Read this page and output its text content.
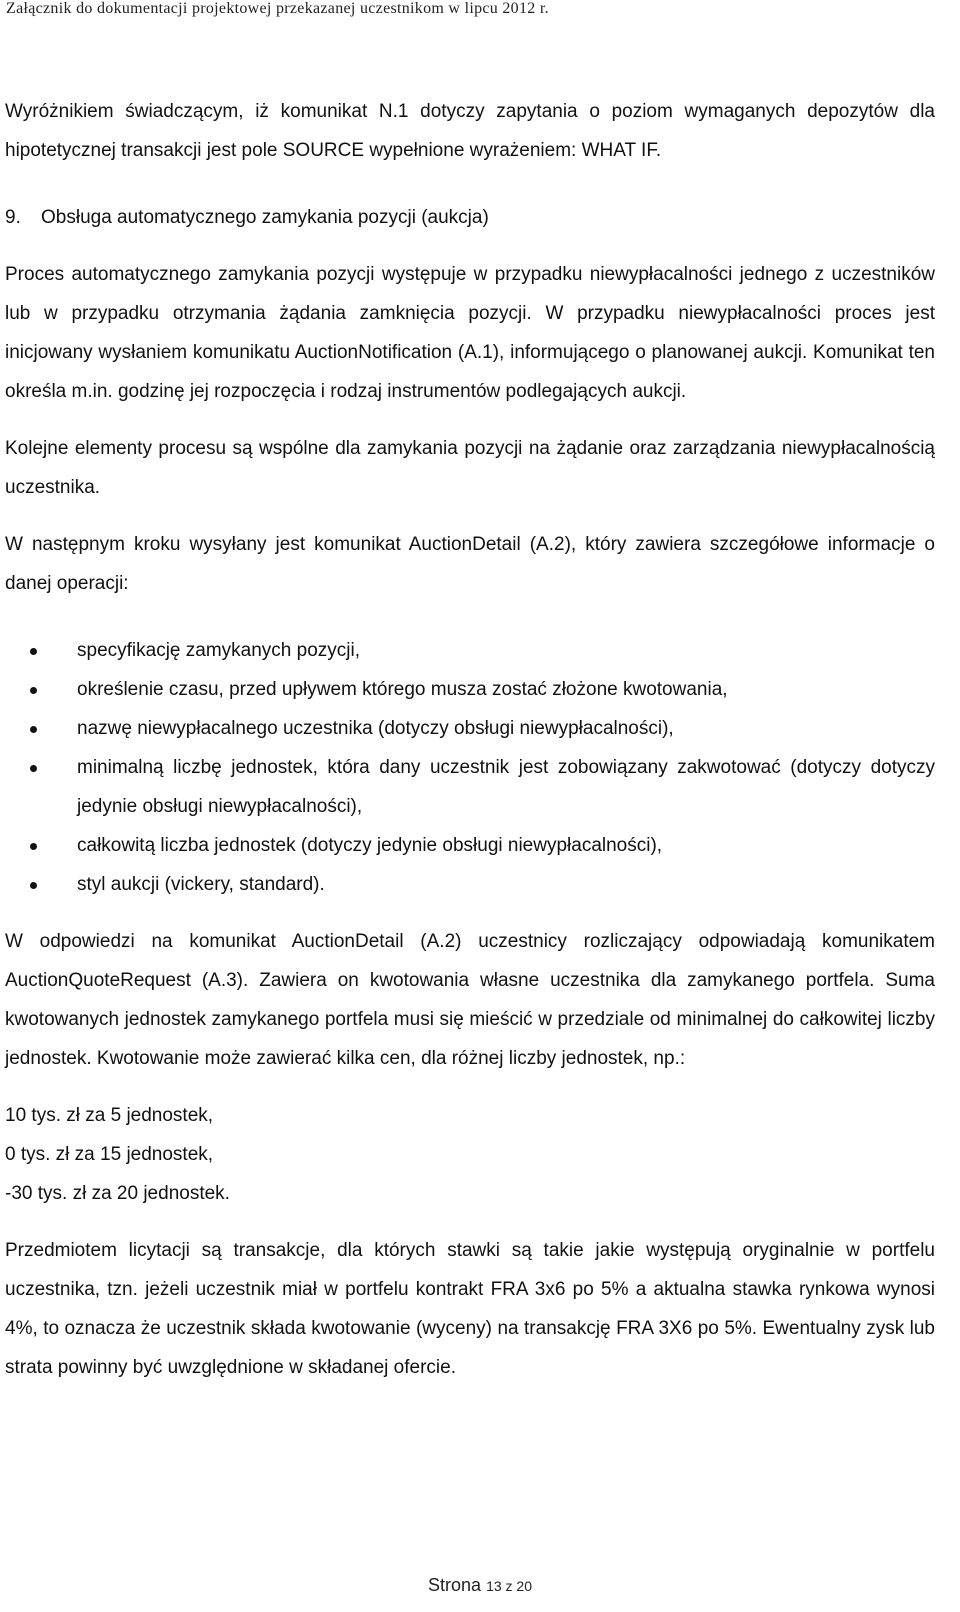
Załącznik do dokumentacji projektowej przekazanej uczestnikom w lipcu 2012 r.

Wyróżnikiem świadczącym, iż komunikat N.1 dotyczy zapytania o poziom wymaganych depozytów dla hipotetycznej transakcji jest pole SOURCE wypełnione wyrażeniem: WHAT IF.

9. Obsługa automatycznego zamykania pozycji (aukcja)

Proces automatycznego zamykania pozycji występuje w przypadku niewypłacalności jednego z uczestników lub w przypadku otrzymania żądania zamknięcia pozycji. W przypadku niewypłacalności proces jest inicjowany wysłaniem komunikatu AuctionNotification (A.1), informującego o planowanej aukcji. Komunikat ten określa m.in. godzinę jej rozpoczęcia i rodzaj instrumentów podlegających aukcji.

Kolejne elementy procesu są wspólne dla zamykania pozycji na żądanie oraz zarządzania niewypłacalnością uczestnika.

W następnym kroku wysyłany jest komunikat AuctionDetail (A.2), który zawiera szczegółowe informacje o danej operacji:

specyfikację zamykanych pozycji,
określenie czasu, przed upływem którego musza zostać złożone kwotowania,
nazwę niewypłacalnego uczestnika (dotyczy obsługi niewypłacalności),
minimalną liczbę jednostek, która dany uczestnik jest zobowiązany zakwotować (dotyczy dotyczy jedynie obsługi niewypłacalności),
całkowitą liczba jednostek (dotyczy jedynie obsługi niewypłacalności),
styl aukcji (vickery, standard).

W odpowiedzi na komunikat AuctionDetail (A.2) uczestnicy rozliczający odpowiadają komunikatem AuctionQuoteRequest (A.3). Zawiera on kwotowania własne uczestnika dla zamykanego portfela. Suma kwotowanych jednostek zamykanego portfela musi się mieścić w przedziale od minimalnej do całkowitej liczby jednostek. Kwotowanie może zawierać kilka cen, dla różnej liczby jednostek, np.:

10 tys. zł za 5 jednostek,

0 tys. zł za 15 jednostek,

-30 tys. zł za 20 jednostek.

Przedmiotem licytacji są transakcje, dla których stawki są takie jakie występują oryginalnie w portfelu uczestnika, tzn. jeżeli uczestnik miał w portfelu kontrakt FRA 3x6 po 5% a aktualna stawka rynkowa wynosi 4%, to oznacza że uczestnik składa kwotowanie (wyceny) na transakcję FRA 3X6 po 5%. Ewentualny zysk lub strata powinny być uwzględnione w składanej ofercie.

Strona 13 z 20
